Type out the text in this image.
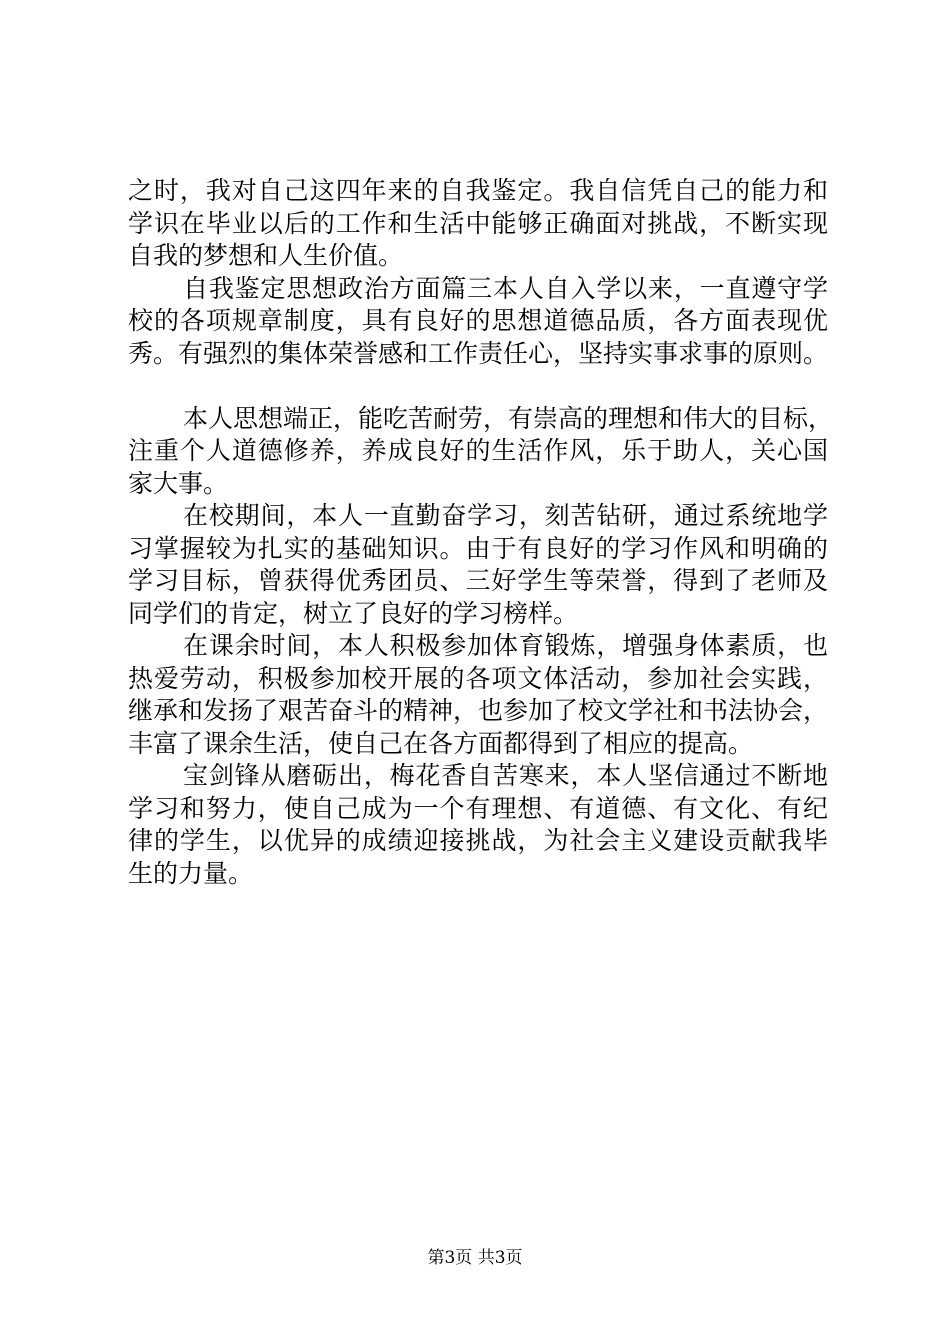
之时，我对自己这四年来的自我鉴定。我自信凭自己的能力和
学识在毕业以后的工作和生活中能够正确面对挑战，不断实现
自我的梦想和人生价值。
自我鉴定思想政治方面篇三本人自入学以来，一直遵守学
校的各项规章制度，具有良好的思想道德品质，各方面表现优
秀。有强烈的集体荣誉感和工作责任心，坚持实事求事的原则。
本人思想端正，能吃苦耐劳，有崇高的理想和伟大的目标，
注重个人道德修养，养成良好的生活作风，乐于助人，关心国
家大事。
在校期间，本人一直勤奋学习，刻苦钻研，通过系统地学
习掌握较为扎实的基础知识。由于有良好的学习作风和明确的
学习目标，曾获得优秀团员、三好学生等荣誉，得到了老师及
同学们的肯定，树立了良好的学习榜样。
在课余时间，本人积极参加体育锻炼，增强身体素质，也
热爱劳动，积极参加校开展的各项文体活动，参加社会实践，
继承和发扬了艰苦奋斗的精神，也参加了校文学社和书法协会，
丰富了课余生活，使自己在各方面都得到了相应的提高。
宝剑锋从磨砺出，梅花香自苦寒来，本人坚信通过不断地
学习和努力，使自己成为一个有理想、有道德、有文化、有纪
律的学生，以优异的成绩迎接挑战，为社会主义建设贡献我毕
生的力量。
第3页 共3页
